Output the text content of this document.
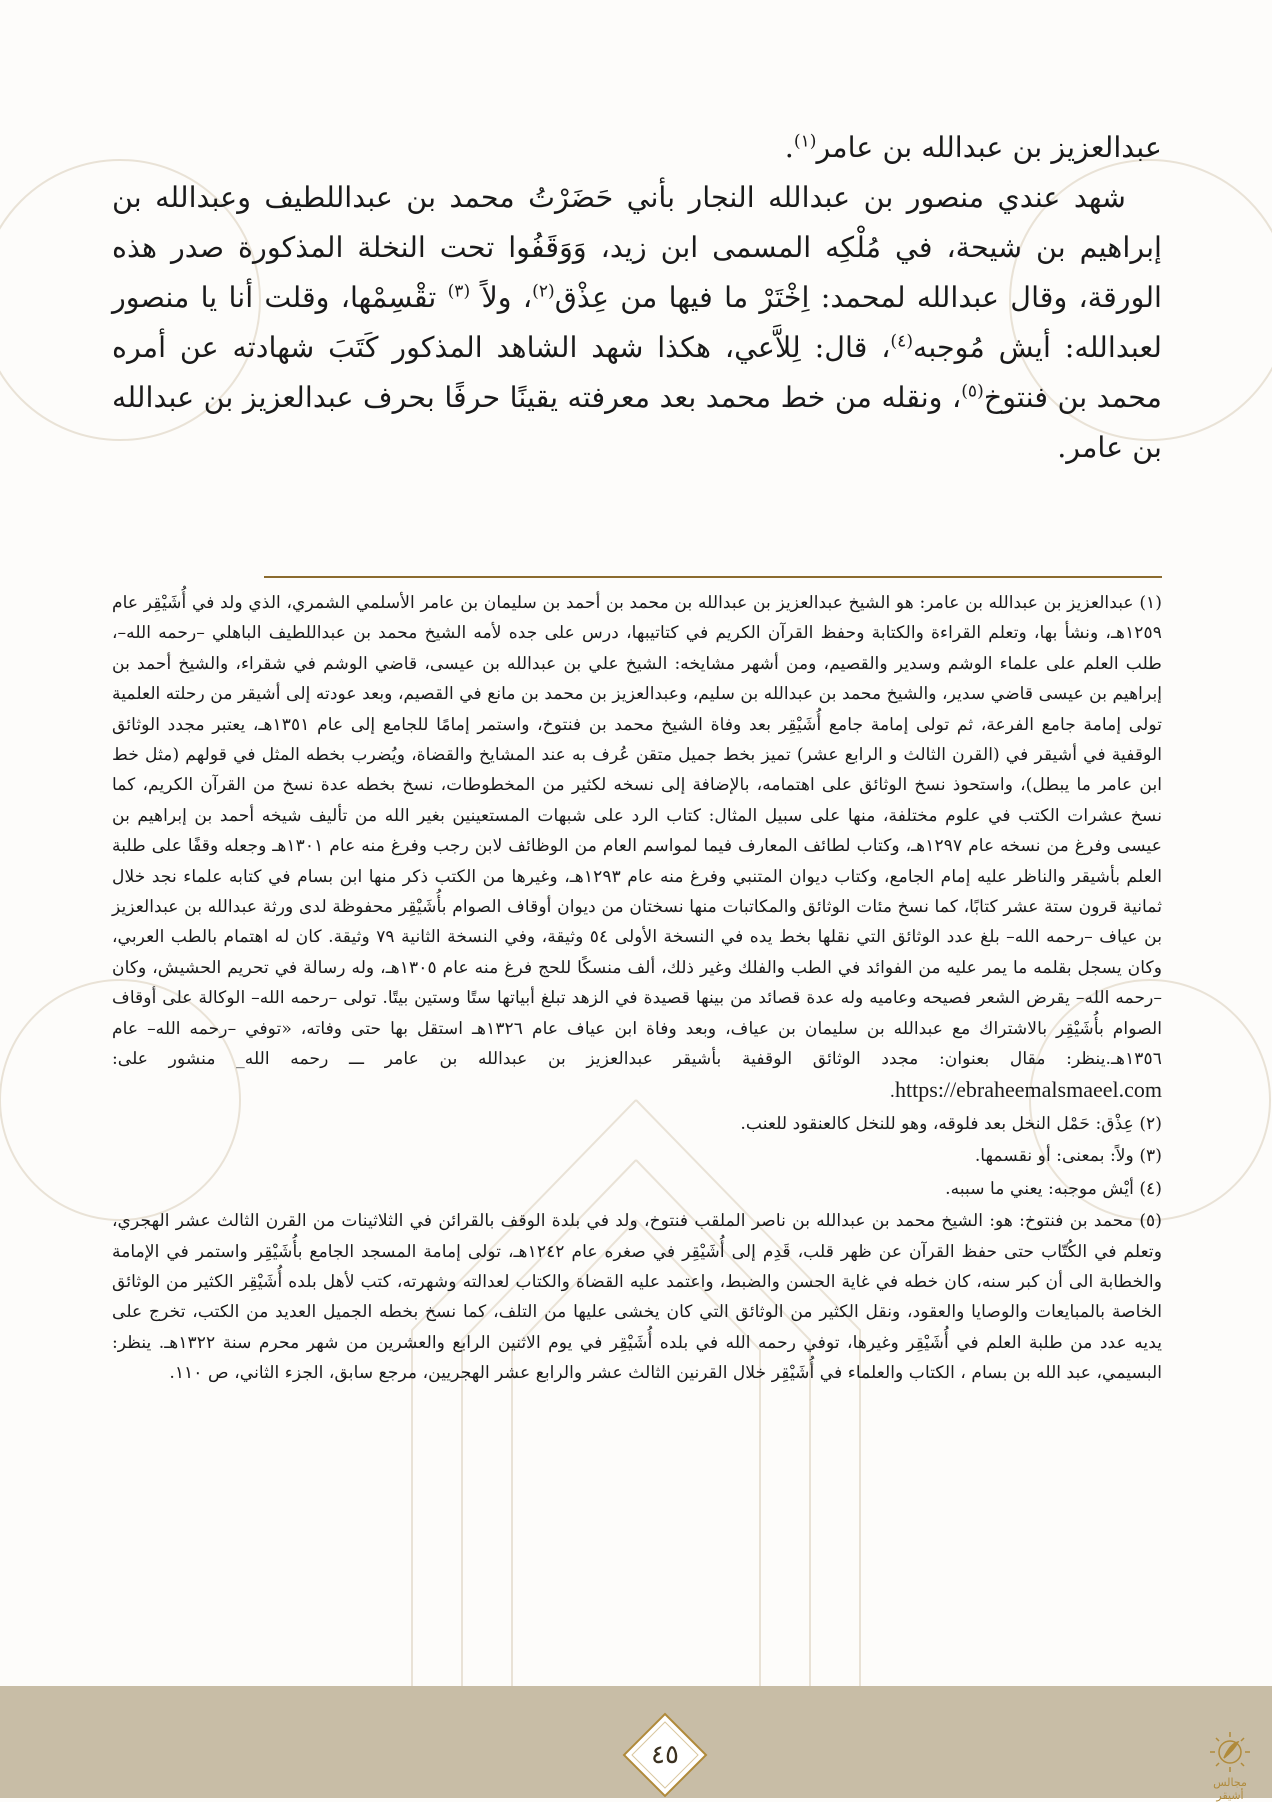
عبدالعزيز بن عبدالله بن عامر$^{(١)}$.

شهد عندي منصور بن عبدالله النجار بأني حَضَرْتُ محمد بن عبداللطيف وعبدالله بن إبراهيم بن شيحة، في مُلْكِه المسمى ابن زيد، وَوَقَفُوا تحت النخلة المذكورة صدر هذه الورقة، وقال عبدالله لمحمد: اِخْتَرْ ما فيها من عِذْق$^{(٢)}$، ولاً $^{(٣)}$ تقْسِمْها، وقلت أنا يا منصور لعبدالله: أيش مُوجبه$^{(٤)}$، قال: لِلاَّعي، هكذا شهد الشاهد المذكور كَتَبَ شهادته عن أمره محمد بن فنتوخ$^{(٥)}$، ونقله من خط محمد بعد معرفته يقينًا حرفًا بحرف عبدالعزيز بن عبدالله بن عامر.

(١) عبدالعزيز بن عبدالله بن عامر: هو الشيخ عبدالعزيز بن عبدالله بن محمد بن أحمد بن سليمان بن عامر الأسلمي الشمري، الذي ولد في أُشَيْقِر عام ١٢٥٩هـ، ونشأ بها، وتعلم القراءة والكتابة وحفظ القرآن الكريم في كتاتيبها، درس على جده لأمه الشيخ محمد بن عبداللطيف الباهلي –رحمه الله–، طلب العلم على علماء الوشم وسدير والقصيم، ومن أشهر مشايخه: الشيخ علي بن عبدالله بن عيسى، قاضي الوشم في شقراء، والشيخ أحمد بن إبراهيم بن عيسى قاضي سدير، والشيخ محمد بن عبدالله بن سليم، وعبدالعزيز بن محمد بن مانع في القصيم، وبعد عودته إلى أشيقر من رحلته العلمية تولى إمامة جامع الفرعة، ثم تولى إمامة جامع أُشَيْقِر بعد وفاة الشيخ محمد بن فنتوخ، واستمر إمامًا للجامع إلى عام ١٣٥١هـ، يعتبر مجدد الوثائق الوقفية في أشيقر في (القرن الثالث و الرابع عشر) تميز بخط جميل متقن عُرف به عند المشايخ والقضاة، ويُضرب بخطه المثل في قولهم (مثل خط ابن عامر ما يبطل)، واستحوذ نسخ الوثائق على اهتمامه، بالإضافة إلى نسخه لكثير من المخطوطات، نسخ بخطه عدة نسخ من القرآن الكريم، كما نسخ عشرات الكتب في علوم مختلفة، منها على سبيل المثال: كتاب الرد على شبهات المستعينين بغير الله من تأليف شيخه أحمد بن إبراهيم بن عيسى وفرغ من نسخه عام ١٢٩٧هـ، وكتاب لطائف المعارف فيما لمواسم العام من الوظائف لابن رجب وفرغ منه عام ١٣٠١هـ وجعله وقفًا على طلبة العلم بأشيقر والناظر عليه إمام الجامع، وكتاب ديوان المتنبي وفرغ منه عام ١٢٩٣هـ، وغيرها من الكتب ذكر منها ابن بسام في كتابه علماء نجد خلال ثمانية قرون ستة عشر كتابًا، كما نسخ مئات الوثائق والمكاتبات منها نسختان من ديوان أوقاف الصوام بأُشَيْقِر محفوظة لدى ورثة عبدالله بن عبدالعزيز بن عياف –رحمه الله– بلغ عدد الوثائق التي نقلها بخط يده في النسخة الأولى ٥٤ وثيقة، وفي النسخة الثانية ٧٩ وثيقة. كان له اهتمام بالطب العربي، وكان يسجل بقلمه ما يمر عليه من الفوائد في الطب والفلك وغير ذلك، ألف منسكًا للحج فرغ منه عام ١٣٠٥هـ، وله رسالة في تحريم الحشيش، وكان –رحمه الله– يقرض الشعر فصيحه وعاميه وله عدة قصائد من بينها قصيدة في الزهد تبلغ أبياتها ستًا وستين بيتًا. تولى –رحمه الله– الوكالة على أوقاف الصوام بأُشَيْقِر بالاشتراك مع عبدالله بن سليمان بن عياف، وبعد وفاة ابن عياف عام ١٣٢٦هـ استقل بها حتى وفاته، «توفي –رحمه الله– عام ١٣٥٦هـ.ينظر: مقال بعنوان: مجدد الوثائق الوقفية بأشيقر عبدالعزيز بن عبدالله بن عامر ـــ رحمه الله_ منشور على: https://ebraheemalsmaeel.com.

(٢) عِذْق: حَمْل النخل بعد فلوقه، وهو للنخل كالعنقود للعنب.

(٣) ولاً: بمعنى: أو نقسمها.

(٤) أيْش موجبه: يعني ما سببه.

(٥) محمد بن فنتوخ: هو: الشيخ محمد بن عبدالله بن ناصر الملقب فنتوخ، ولد في بلدة الوقف بالقرائن في الثلاثينات من القرن الثالث عشر الهجري، وتعلم في الكُتّاب حتى حفظ القرآن عن ظهر قلب، قَدِم إلى أُشَيْقِر في صغره عام ١٢٤٢هـ، تولى إمامة المسجد الجامع بأُشَيْقِر واستمر في الإمامة والخطابة الى أن كبر سنه، كان خطه في غاية الحسن والضبط، واعتمد عليه القضاة والكتاب لعدالته وشهرته، كتب لأهل بلده أُشَيْقِر الكثير من الوثائق الخاصة بالمبايعات والوصايا والعقود، ونقل الكثير من الوثائق التي كان يخشى عليها من التلف، كما نسخ بخطه الجميل العديد من الكتب، تخرج على يديه عدد من طلبة العلم في أُشَيْقِر وغيرها، توفي رحمه الله في بلده أُشَيْقِر في يوم الاثنين الرابع والعشرين من شهر محرم سنة ١٣٢٢هـ. ينظر: البسيمي، عبد الله بن بسام ، الكتاب والعلماء في أُشَيْقِر خلال القرنين الثالث عشر والرابع عشر الهجريين، مرجع سابق، الجزء الثاني، ص ١١٠.

٤٥
مجالس أشيقر
